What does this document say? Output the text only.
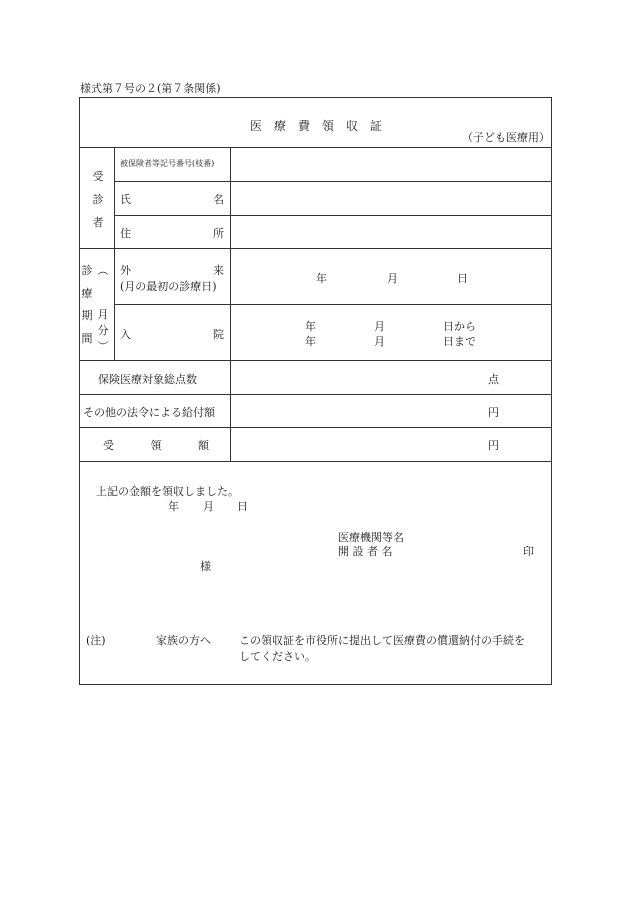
様式第７号の２(第７条関係)
医　療　費　領　収　証
（子ども医療用）
受
診
者
被保険者等記号番号(枝番)
氏	名
住	所
診
療
期
間
︵
月
分
︶
外	来
(月の最初の診療日)
年	月	日
入	院
年	月	日から
年	月	日まで
保険医療対象総点数	点
その他の法令による給付額	円
受	領	額	円
上記の金額を領収しました。
年 月 日
医療機関等名
開 設 者 名	印
様
(注)	家族の方へ	この領収証を市役所に提出して医療費の償還納付の手続を
してください。
